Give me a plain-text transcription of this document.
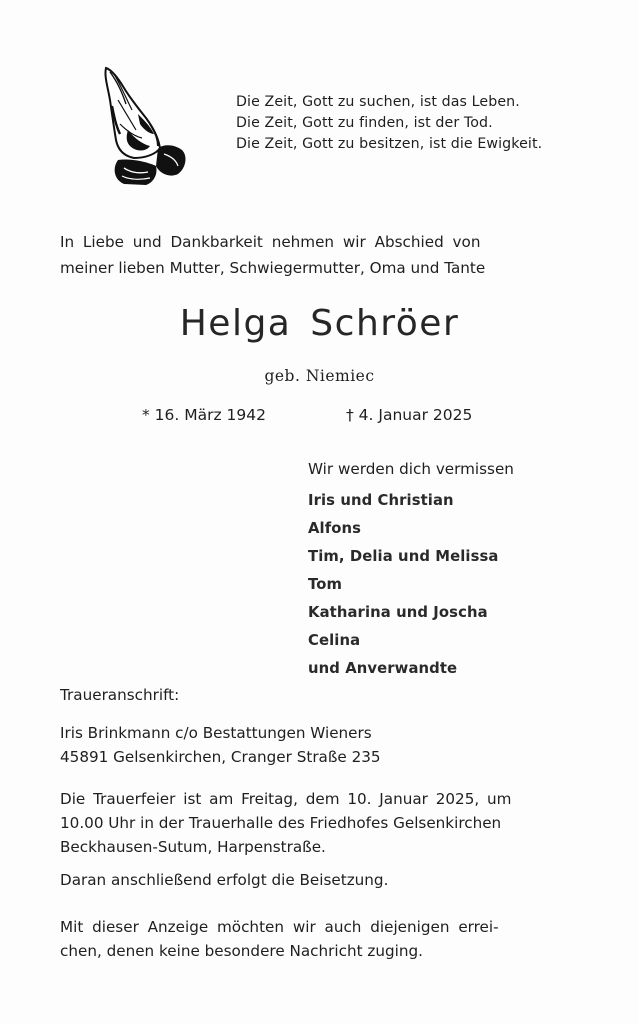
Die Zeit, Gott zu suchen, ist das Leben.
Die Zeit, Gott zu finden, ist der Tod.
Die Zeit, Gott zu besitzen, ist die Ewigkeit.
In Liebe und Dankbarkeit nehmen wir Abschied von
meiner lieben Mutter, Schwiegermutter, Oma und Tante
Helga Schröer
geb. Niemiec
* 16. März 1942	† 4. Januar 2025
Wir werden dich vermissen
Iris und Christian
Alfons
Tim, Delia und Melissa
Tom
Katharina und Joscha
Celina
und Anverwandte
Traueranschrift:
Iris Brinkmann c/o Bestattungen Wieners
45891 Gelsenkirchen, Cranger Straße 235
Die Trauerfeier ist am Freitag, dem 10. Januar 2025, um
10.00 Uhr in der Trauerhalle des Friedhofes Gelsenkirchen
Beckhausen-Sutum, Harpenstraße.
Daran anschließend erfolgt die Beisetzung.
Mit dieser Anzeige möchten wir auch diejenigen errei-
chen, denen keine besondere Nachricht zuging.
